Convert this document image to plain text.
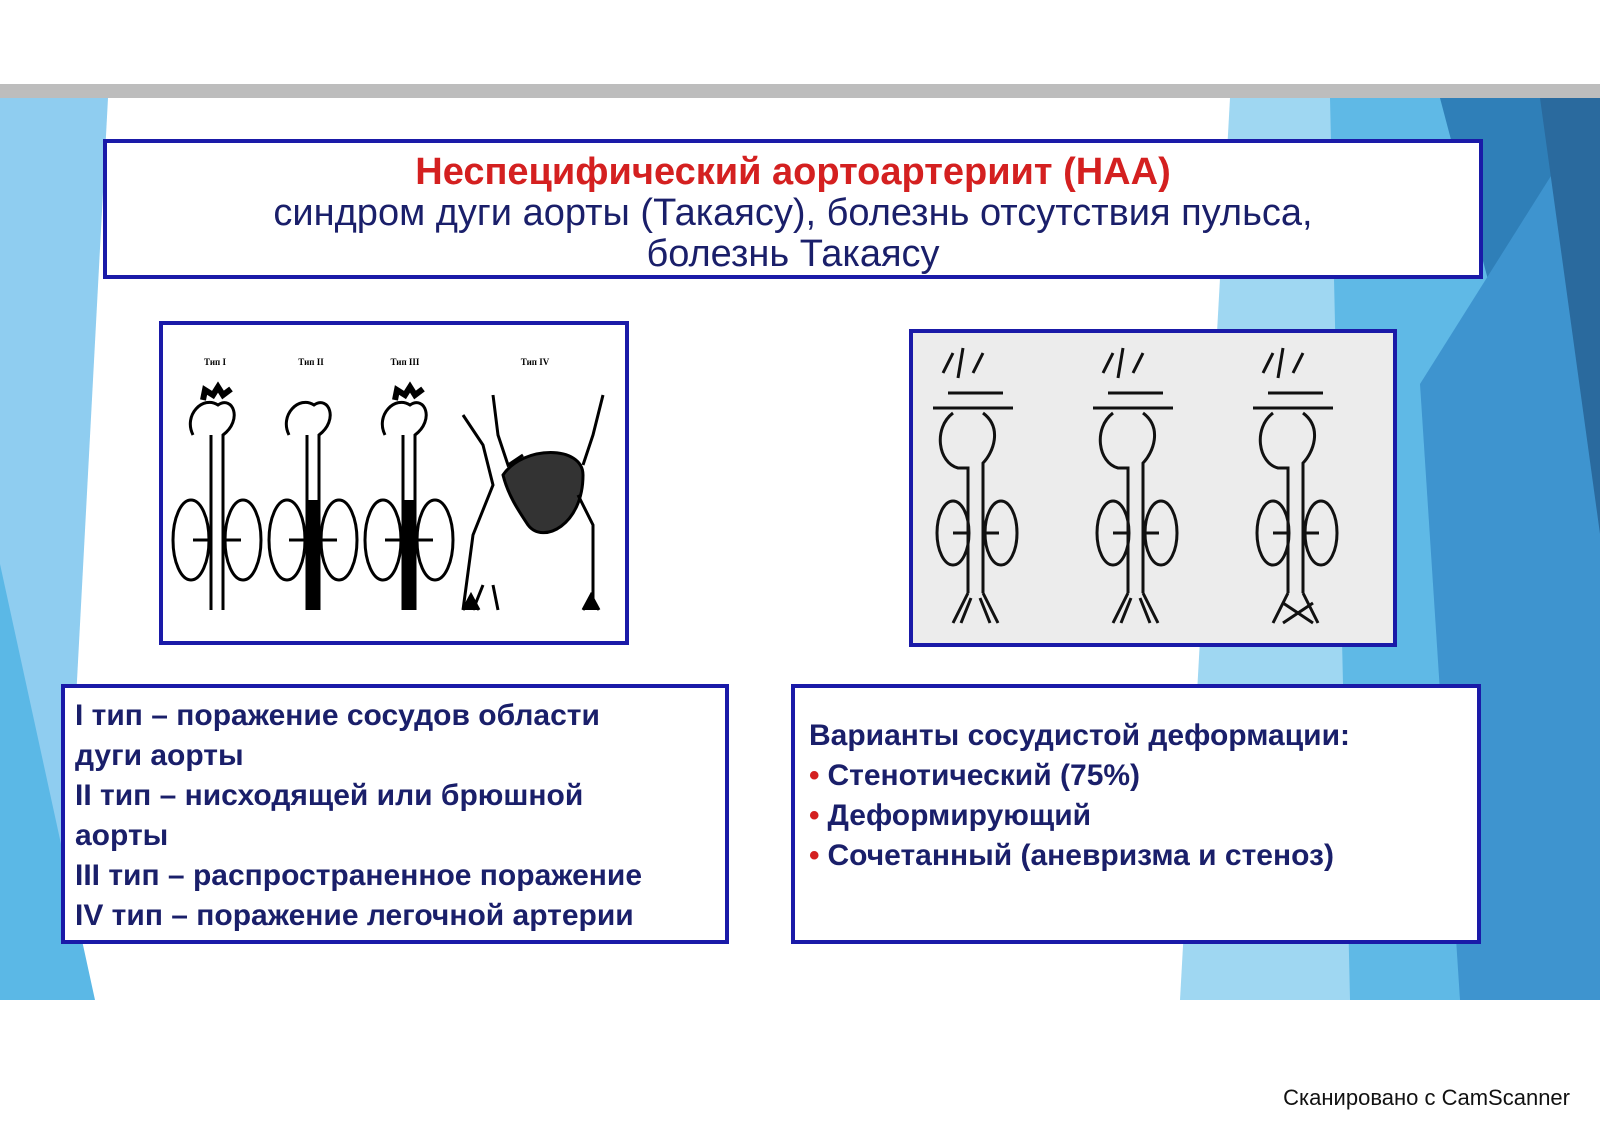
Неспецифический аортоартериит (НАА)
синдром дуги аорты (Такаясу), болезнь отсутствия пульса,
болезнь Такаясу
Тип I	Тип II	Тип III	Тип IV
I тип – поражение сосудов области
дуги аорты
II тип – нисходящей или брюшной
аорты
III тип – распространенное поражение
IV тип – поражение легочной артерии
Варианты сосудистой деформации:
• Стенотический (75%)
• Деформирующий
• Сочетанный (аневризма и стеноз)
Сканировано с CamScanner
